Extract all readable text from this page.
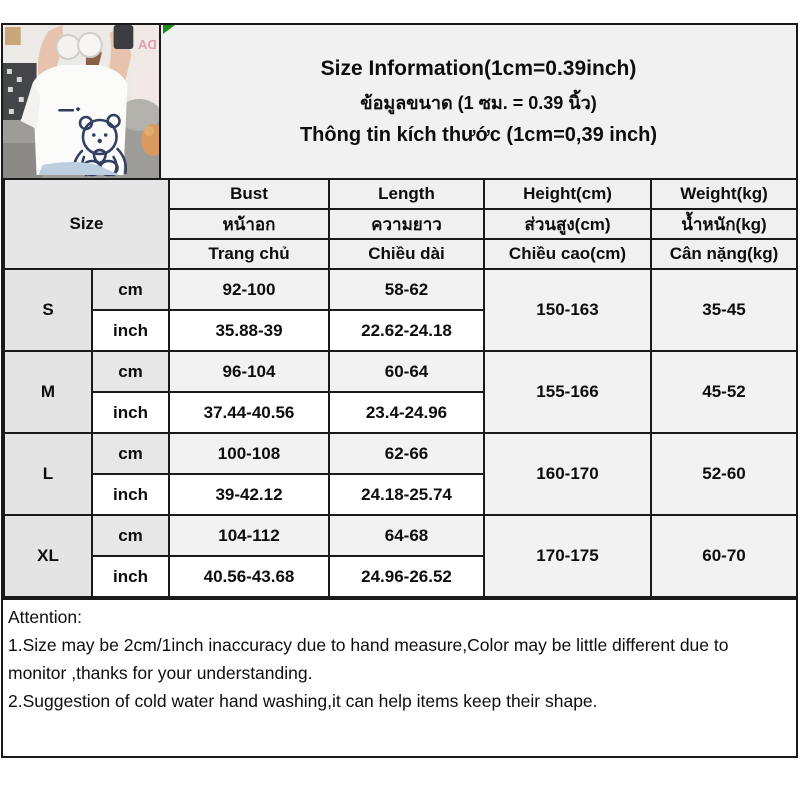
DA
Size Information(1cm=0.39inch)
ข้อมูลขนาด (1 ซม. = 0.39 นิ้ว)
Thông tin kích thước (1cm=0,39 inch)
Size		Bust	Length	Height(cm)	Weight(kg)
		หน้าอก	ความยาว	ส่วนสูง(cm)	น้ำหนัก(kg)
		Trang chủ	Chiều dài	Chiều cao(cm)	Cân nặng(kg)
S	cm	92-100	58-62	150-163	35-45
	inch	35.88-39	22.62-24.18		
M	cm	96-104	60-64	155-166	45-52
	inch	37.44-40.56	23.4-24.96		
L	cm	100-108	62-66	160-170	52-60
	inch	39-42.12	24.18-25.74		
XL	cm	104-112	64-68	170-175	60-70
	inch	40.56-43.68	24.96-26.52		

Attention:

1.Size may be 2cm/1inch inaccuracy due to hand measure,Color may be little different due to monitor ,thanks for your understanding.

2.Suggestion of cold water hand washing,it can help items keep their shape.
